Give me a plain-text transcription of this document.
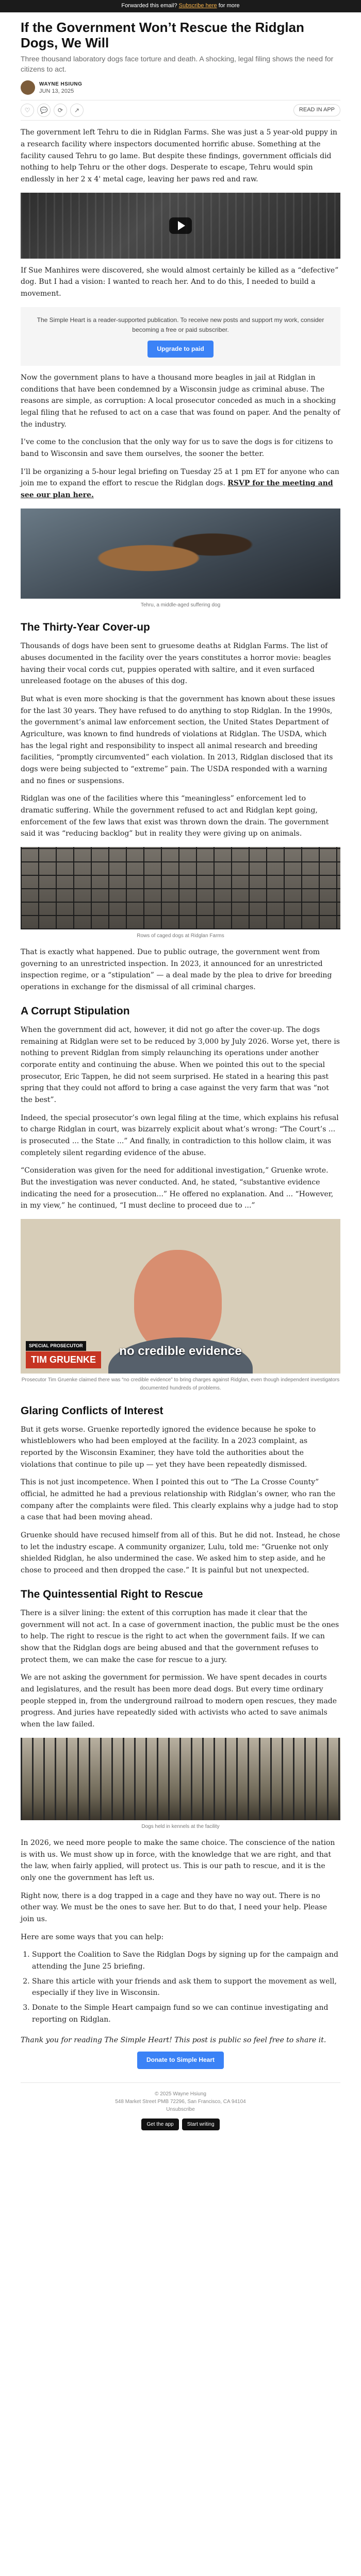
Forwarded this email? Subscribe here for more
If the Government Won’t Rescue the Ridglan Dogs, We Will
Three thousand laboratory dogs face torture and death. A shocking, legal filing shows the need for citizens to act.
WAYNE HSIUNG
JUN 13, 2025
♡	💬	⟳	↗	READ IN APP

The government left Tehru to die in Ridglan Farms. She was just a 5 year-old puppy in a research facility where inspectors documented horrific abuse. Something at the facility caused Tehru to go lame. But despite these findings, government officials did nothing to help Tehru or the other dogs. Desperate to escape, Tehru would spin endlessly in her 2 x 4' metal cage, leaving her paws red and raw.

If Sue Manhires were discovered, she would almost certainly be killed as a “defective” dog. But I had a vision: I wanted to reach her. And to do this, I needed to build a movement.

The Simple Heart is a reader-supported publication. To receive new posts and support my work, consider becoming a free or paid subscriber.
Upgrade to paid

Now the government plans to have a thousand more beagles in jail at Ridglan in conditions that have been condemned by a Wisconsin judge as criminal abuse. The reasons are simple, as corruption: A local prosecutor conceded as much in a shocking legal filing that he refused to act on a case that was found on paper. And the penalty of the industry.

I’ve come to the conclusion that the only way for us to save the dogs is for citizens to band to Wisconsin and save them ourselves, the sooner the better.

I’ll be organizing a 5-hour legal briefing on Tuesday 25 at 1 pm ET for anyone who can join me to expand the effort to rescue the Ridglan dogs. RSVP for the meeting and see our plan here.

Tehru, a middle-aged suffering dog
The Thirty-Year Cover-up

Thousands of dogs have been sent to gruesome deaths at Ridglan Farms. The list of abuses documented in the facility over the years constitutes a horror movie: beagles having their vocal cords cut, puppies operated with saltire, and it even surfaced unreleased footage on the abuses of this dog.

But what is even more shocking is that the government has known about these issues for the last 30 years. They have refused to do anything to stop Ridglan. In the 1990s, the government’s animal law enforcement section, the United States Department of Agriculture, was known to find hundreds of violations at Ridglan. The USDA, which has the legal right and responsibility to inspect all animal research and breeding facilities, “promptly circumvented” each violation. In 2013, Ridglan disclosed that its dogs were being subjected to “extreme” pain. The USDA responded with a warning and no fines or suspensions.

Ridglan was one of the facilities where this “meaningless” enforcement led to dramatic suffering. While the government refused to act and Ridglan kept going, enforcement of the few laws that exist was thrown down the drain. The government said it was “reducing backlog” but in reality they were giving up on animals.

Rows of caged dogs at Ridglan Farms

That is exactly what happened. Due to public outrage, the government went from governing to an unrestricted inspection. In 2023, it announced for an unrestricted inspection regime, or a “stipulation” — a deal made by the plea to drive for breeding operations in exchange for the dismissal of all criminal charges.

A Corrupt Stipulation

When the government did act, however, it did not go after the cover-up. The dogs remaining at Ridglan were set to be reduced by 3,000 by July 2026. Worse yet, there is nothing to prevent Ridglan from simply relaunching its operations under another corporate entity and continuing the abuse. When we pointed this out to the special prosecutor, Eric Tappen, he did not seem surprised. He stated in a hearing this past spring that they could not afford to bring a case against the very farm that was “not the best”.

Indeed, the special prosecutor’s own legal filing at the time, which explains his refusal to charge Ridglan in court, was bizarrely explicit about what’s wrong: “The Court’s ... is prosecuted ... the State ...” And finally, in contradiction to this hollow claim, it was completely silent regarding evidence of the abuse.

“Consideration was given for the need for additional investigation,” Gruenke wrote. But the investigation was never conducted. And, he stated, “substantive evidence indicating the need for a prosecution...” He offered no explanation. And ... “However, in my view,” he continued, “I must decline to proceed due to ...”

no credible evidence
SPECIAL PROSECUTOR
TIM GRUENKE
Prosecutor Tim Gruenke claimed there was “no credible evidence” to bring charges against Ridglan, even though independent investigators documented hundreds of problems.
Glaring Conflicts of Interest

But it gets worse. Gruenke reportedly ignored the evidence because he spoke to whistleblowers who had been employed at the facility. In a 2023 complaint, as reported by the Wisconsin Examiner, they have told the authorities about the violations that continue to pile up — yet they have been repeatedly dismissed.

This is not just incompetence. When I pointed this out to “The La Crosse County” official, he admitted he had a previous relationship with Ridglan’s owner, who ran the company after the complaints were filed. This clearly explains why a judge had to stop a case that had been moving ahead.

Gruenke should have recused himself from all of this. But he did not. Instead, he chose to let the industry escape. A community organizer, Lulu, told me: “Gruenke not only shielded Ridglan, he also undermined the case. We asked him to step aside, and he chose to proceed and then dropped the case.” It is painful but not unexpected.

The Quintessential Right to Rescue

There is a silver lining: the extent of this corruption has made it clear that the government will not act. In a case of government inaction, the public must be the ones to help. The right to rescue is the right to act when the government fails. If we can show that the Ridglan dogs are being abused and that the government refuses to protect them, we can make the case for rescue to a jury.

We are not asking the government for permission. We have spent decades in courts and legislatures, and the result has been more dead dogs. But every time ordinary people stepped in, from the underground railroad to modern open rescues, they made progress. And juries have repeatedly sided with activists who acted to save animals when the law failed.

Dogs held in kennels at the facility

In 2026, we need more people to make the same choice. The conscience of the nation is with us. We must show up in force, with the knowledge that we are right, and that the law, when fairly applied, will protect us. This is our path to rescue, and it is the only one the government has left us.

Right now, there is a dog trapped in a cage and they have no way out. There is no other way. We must be the ones to save her. But to do that, I need your help. Please join us.

Here are some ways that you can help:

1. Support the Coalition to Save the Ridglan Dogs by signing up for the campaign and attending the June 25 briefing.
2. Share this article with your friends and ask them to support the movement as well, especially if they live in Wisconsin.
3. Donate to the Simple Heart campaign fund so we can continue investigating and reporting on Ridglan.

Thank you for reading The Simple Heart! This post is public so feel free to share it.

Donate to Simple Heart
© 2025 Wayne Hsiung
548 Market Street PMB 72296, San Francisco, CA 94104
Unsubscribe
Get the app	Start writing
